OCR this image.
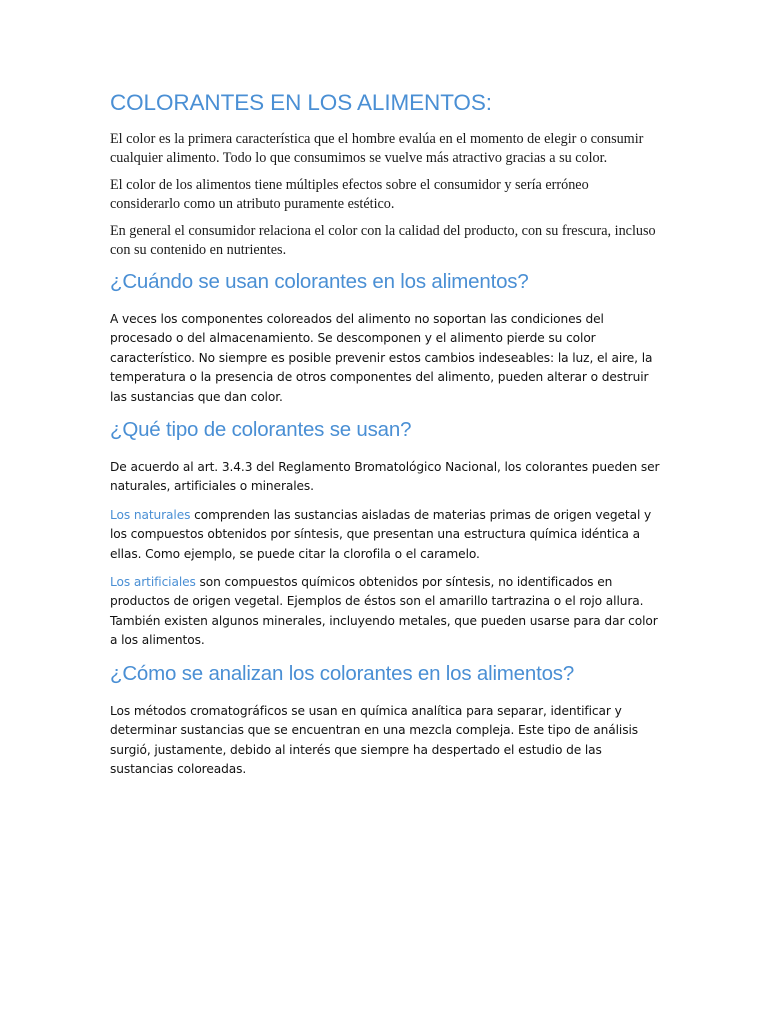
COLORANTES EN LOS ALIMENTOS:

El color es la primera característica que el hombre evalúa en el momento de elegir o consumir cualquier alimento. Todo lo que consumimos se vuelve más atractivo gracias a su color.

El color de los alimentos tiene múltiples efectos sobre el consumidor y sería erróneo considerarlo como un atributo puramente estético.

En general el consumidor relaciona el color con la calidad del producto, con su frescura, incluso con su contenido en nutrientes.

¿Cuándo se usan colorantes en los alimentos?

A veces los componentes coloreados del alimento no soportan las condiciones del procesado o del almacenamiento. Se descomponen y el alimento pierde su color característico. No siempre es posible prevenir estos cambios indeseables: la luz, el aire, la temperatura o la presencia de otros componentes del alimento, pueden alterar o destruir las sustancias que dan color.

¿Qué tipo de colorantes se usan?

De acuerdo al art. 3.4.3 del Reglamento Bromatológico Nacional, los colorantes pueden ser naturales, artificiales o minerales.

Los naturales comprenden las sustancias aisladas de materias primas de origen vegetal y los compuestos obtenidos por síntesis, que presentan una estructura química idéntica a ellas. Como ejemplo, se puede citar la clorofila o el caramelo.

Los artificiales son compuestos químicos obtenidos por síntesis, no identificados en productos de origen vegetal. Ejemplos de éstos son el amarillo tartrazina o el rojo allura. También existen algunos minerales, incluyendo metales, que pueden usarse para dar color a los alimentos.

¿Cómo se analizan los colorantes en los alimentos?

Los métodos cromatográficos se usan en química analítica para separar, identificar y determinar sustancias que se encuentran en una mezcla compleja. Este tipo de análisis surgió, justamente, debido al interés que siempre ha despertado el estudio de las sustancias coloreadas.
